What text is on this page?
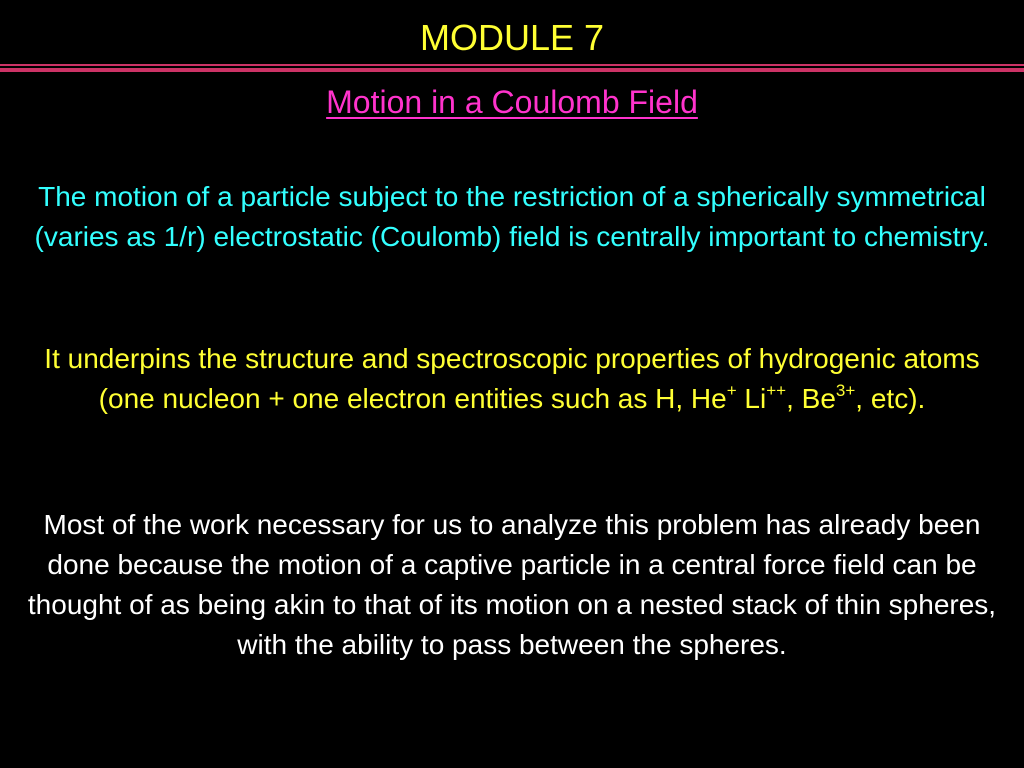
MODULE 7
Motion in a Coulomb Field

The motion of a particle subject to the restriction of a spherically symmetrical (varies as 1/r) electrostatic (Coulomb) field is centrally important to chemistry.

It underpins the structure and spectroscopic properties of hydrogenic atoms (one nucleon + one electron entities such as H, He+ Li++, $Be^{3+}$, etc).

Most of the work necessary for us to analyze this problem has already been done because the motion of a captive particle in a central force field can be thought of as being akin to that of its motion on a nested stack of thin spheres, with the ability to pass between the spheres.
